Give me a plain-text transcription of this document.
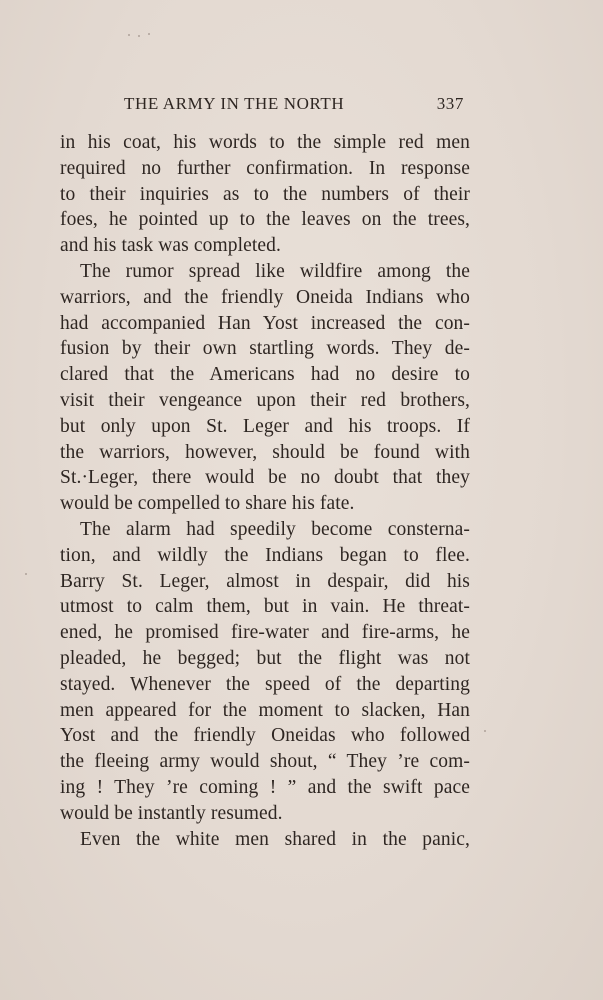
THE ARMY IN THE NORTH	337
in his coat, his words to the simple red men
required no further confirmation. In response
to their inquiries as to the numbers of their
foes, he pointed up to the leaves on the trees,
and his task was completed.
The rumor spread like wildfire among the
warriors, and the friendly Oneida Indians who
had accompanied Han Yost increased the con-
fusion by their own startling words. They de-
clared that the Americans had no desire to
visit their vengeance upon their red brothers,
but only upon St. Leger and his troops. If
the warriors, however, should be found with
St.·Leger, there would be no doubt that they
would be compelled to share his fate.
The alarm had speedily become consterna-
tion, and wildly the Indians began to flee.
Barry St. Leger, almost in despair, did his
utmost to calm them, but in vain. He threat-
ened, he promised fire-water and fire-arms, he
pleaded, he begged; but the flight was not
stayed. Whenever the speed of the departing
men appeared for the moment to slacken, Han
Yost and the friendly Oneidas who followed
the fleeing army would shout, “ They ’re com-
ing ! They ’re coming ! ” and the swift pace
would be instantly resumed.
Even the white men shared in the panic,
